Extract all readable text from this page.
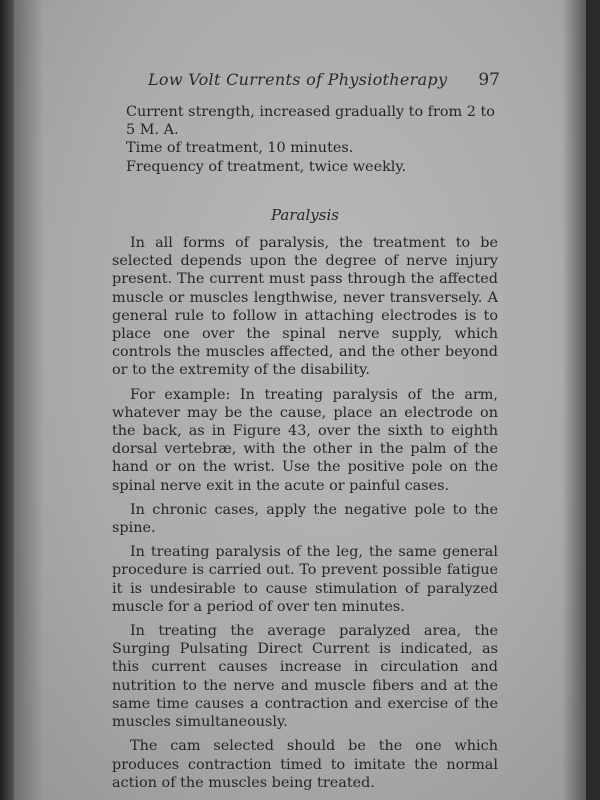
Low Volt Currents of Physiotherapy 97

Current strength, increased gradually to from 2 to 5 M. A.

Time of treatment, 10 minutes.

Frequency of treatment, twice weekly.

Paralysis

In all forms of paralysis, the treatment to be selected depends upon the degree of nerve injury present. The current must pass through the affected muscle or muscles lengthwise, never transversely. A general rule to follow in attaching electrodes is to place one over the spinal nerve supply, which controls the muscles affected, and the other beyond or to the extremity of the disability.

For example: In treating paralysis of the arm, whatever may be the cause, place an electrode on the back, as in Figure 43, over the sixth to eighth dorsal vertebræ, with the other in the palm of the hand or on the wrist. Use the positive pole on the spinal nerve exit in the acute or painful cases.

In chronic cases, apply the negative pole to the spine.

In treating paralysis of the leg, the same general procedure is carried out. To prevent possible fatigue it is undesirable to cause stimulation of paralyzed muscle for a period of over ten minutes.

In treating the average paralyzed area, the Surging Pulsating Direct Current is indicated, as this current causes increase in circulation and nutrition to the nerve and muscle fibers and at the same time causes a contraction and exercise of the muscles simultaneously.

The cam selected should be the one which produces contraction timed to imitate the normal action of the muscles being treated.
